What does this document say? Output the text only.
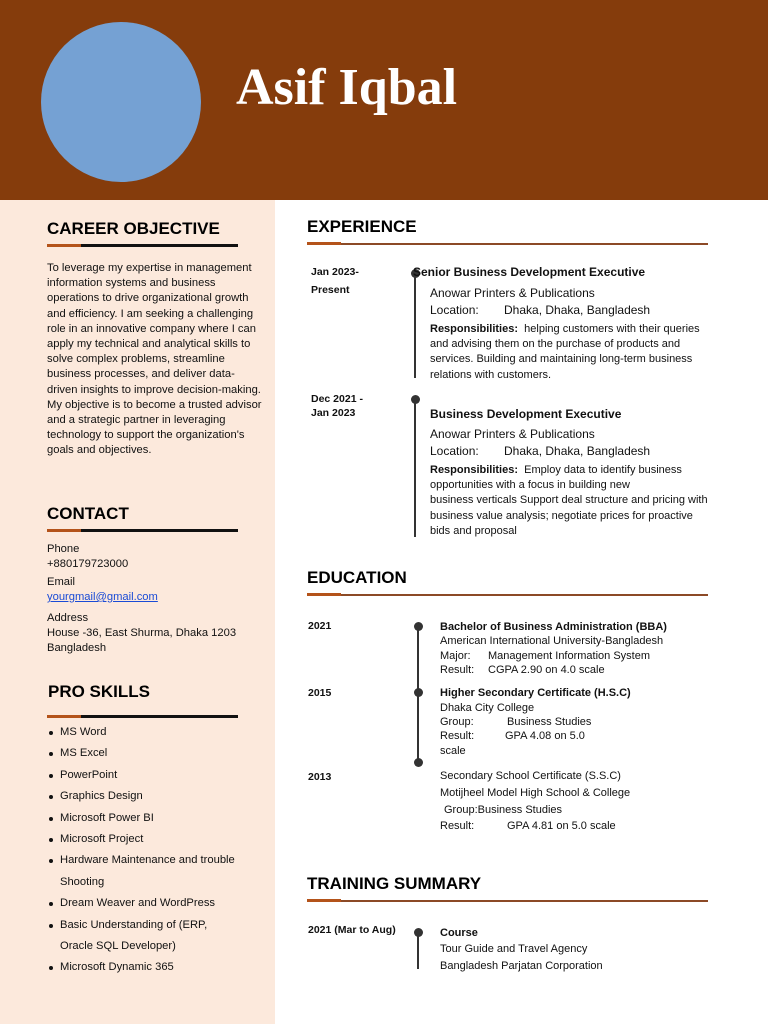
Asif Iqbal
CAREER OBJECTIVE

To leverage my expertise in management information systems and business operations to drive organizational growth and efficiency. I am seeking a challenging role in an innovative company where I can apply my technical and analytical skills to solve complex problems, streamline business processes, and deliver data-driven insights to improve decision-making. My objective is to become a trusted advisor and a strategic partner in leveraging technology to support the organization's goals and objectives.

CONTACT
Phone
+880179723000
Email
yourgmail@gmail.com
Address
House -36, East Shurma, Dhaka 1203
Bangladesh
PRO SKILLS
MS Word
MS Excel
PowerPoint
Graphics Design
Microsoft Power BI
Microsoft Project
Hardware Maintenance and trouble
Shooting
Dream Weaver and WordPress
Basic Understanding of (ERP,
Oracle SQL Developer)
Microsoft Dynamic 365
EXPERIENCE
Jan 2023-
Present
Senior Business Development Executive
Anowar Printers & Publications
Location: Dhaka, Dhaka, Bangladesh
Responsibilities: helping customers with their queries
and advising them on the purchase of products and
services. Building and maintaining long-term business
relations with customers.
Dec 2021 -
Jan 2023	Business Development Executive
Anowar Printers & Publications
Location: Dhaka, Dhaka, Bangladesh
Responsibilities: Employ data to identify business
opportunities with a focus in building new
business verticals Support deal structure and pricing with
business value analysis; negotiate prices for proactive
bids and proposal
EDUCATION
2021	Bachelor of Business Administration (BBA)
American International University-Bangladesh
Major: Management Information System
Result: CGPA 2.90 on 4.0 scale
2015	Higher Secondary Certificate (H.S.C)
Dhaka City College
Group:	Business Studies
Result:	GPA 4.08 on 5.0
scale
2013	Secondary School Certificate (S.S.C)
Motijheel Model High School & College
Group:Business Studies
Result:	GPA 4.81 on 5.0 scale
TRAINING SUMMARY
2021 (Mar to Aug)	Course
Tour Guide and Travel Agency
Bangladesh Parjatan Corporation
